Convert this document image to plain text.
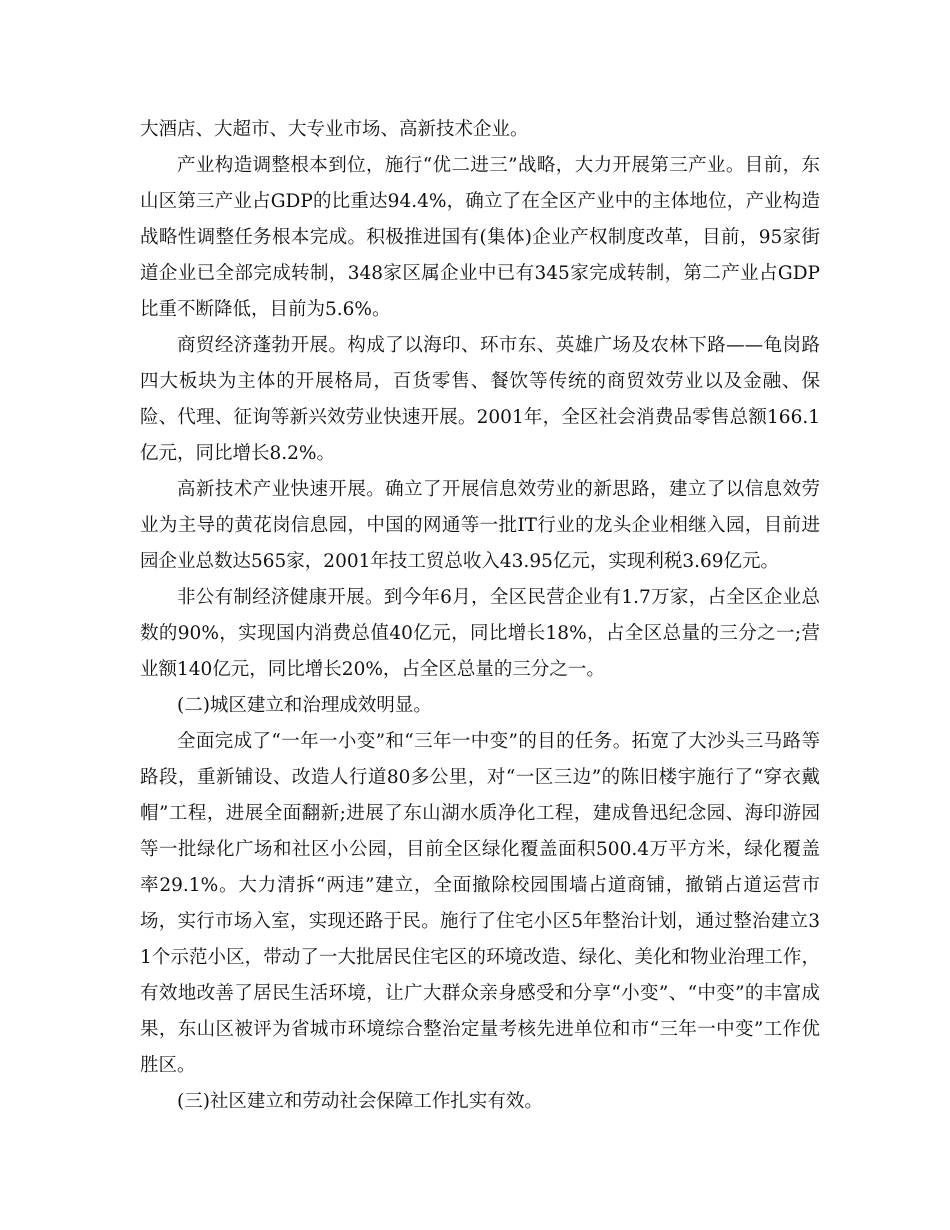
大酒店、大超市、大专业市场、高新技术企业。

产业构造调整根本到位，施行“优二进三”战略，大力开展第三产业。目前，东山区第三产业占GDP的比重达94.4%，确立了在全区产业中的主体地位，产业构造战略性调整任务根本完成。积极推进国有(集体)企业产权制度改革，目前，95家街道企业已全部完成转制，348家区属企业中已有345家完成转制，第二产业占GDP比重不断降低，目前为5.6%。

商贸经济蓬勃开展。构成了以海印、环市东、英雄广场及农林下路——龟岗路四大板块为主体的开展格局，百货零售、餐饮等传统的商贸效劳业以及金融、保险、代理、征询等新兴效劳业快速开展。2001年，全区社会消费品零售总额166.1亿元，同比增长8.2%。

高新技术产业快速开展。确立了开展信息效劳业的新思路，建立了以信息效劳业为主导的黄花岗信息园，中国的网通等一批IT行业的龙头企业相继入园，目前进园企业总数达565家，2001年技工贸总收入43.95亿元，实现利税3.69亿元。

非公有制经济健康开展。到今年6月，全区民营企业有1.7万家，占全区企业总数的90%，实现国内消费总值40亿元，同比增长18%，占全区总量的三分之一;营业额140亿元，同比增长20%，占全区总量的三分之一。

(二)城区建立和治理成效明显。

全面完成了“一年一小变”和“三年一中变”的目的任务。拓宽了大沙头三马路等路段，重新铺设、改造人行道80多公里，对“一区三边”的陈旧楼宇施行了“穿衣戴帽”工程，进展全面翻新;进展了东山湖水质净化工程，建成鲁迅纪念园、海印游园等一批绿化广场和社区小公园，目前全区绿化覆盖面积500.4万平方米，绿化覆盖率29.1%。大力清拆“两违”建立，全面撤除校园围墙占道商铺，撤销占道运营市场，实行市场入室，实现还路于民。施行了住宅小区5年整治计划，通过整治建立31个示范小区，带动了一大批居民住宅区的环境改造、绿化、美化和物业治理工作，有效地改善了居民生活环境，让广大群众亲身感受和分享“小变”、“中变”的丰富成果，东山区被评为省城市环境综合整治定量考核先进单位和市“三年一中变”工作优胜区。

(三)社区建立和劳动社会保障工作扎实有效。
